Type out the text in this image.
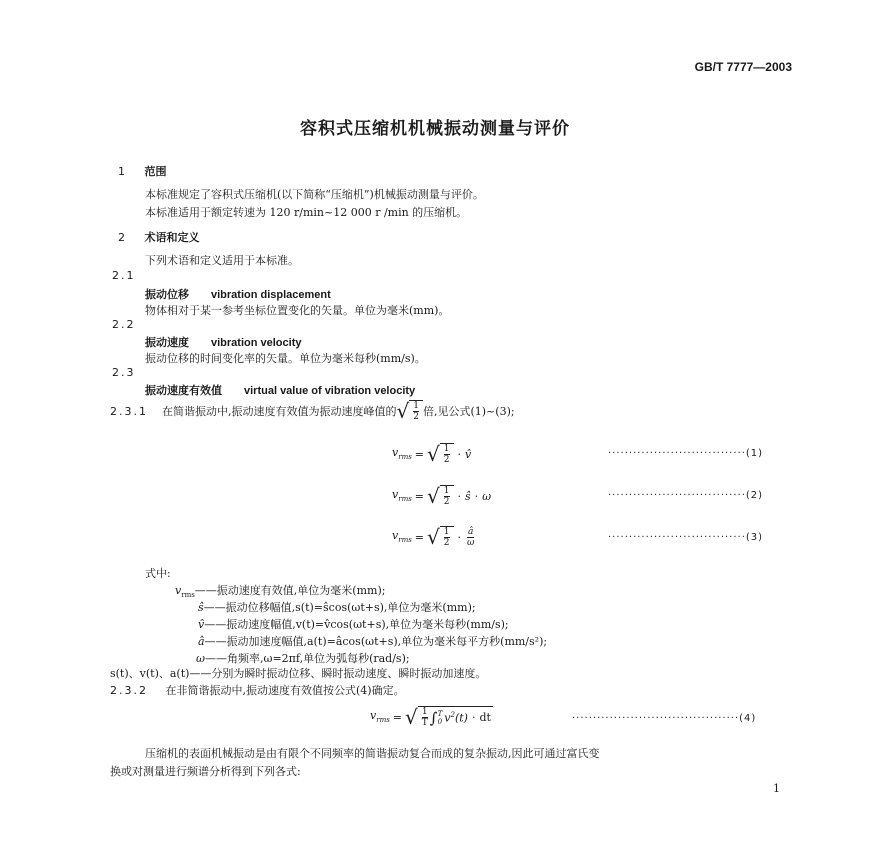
GB/T 7777—2003
容积式压缩机机械振动测量与评价
1 范围
本标准规定了容积式压缩机(以下简称“压缩机”)机械振动测量与评价。
本标准适用于额定转速为 120 r/min~12 000 r /min 的压缩机。
2 术语和定义
下列术语和定义适用于本标准。
2.1
振动位移 vibration displacement
物体相对于某一参考坐标位置变化的矢量。单位为毫米(mm)。
2.2
振动速度 vibration velocity
振动位移的时间变化率的矢量。单位为毫米每秒(mm/s)。
2.3
振动速度有效值 virtual value of vibration velocity
2.3.1 在简谐振动中,振动速度有效值为振动速度峰值的 √ $\frac{1}{2}$ 倍,见公式(1)~(3);
$v_{rms}$ = √ $\frac{1}{2}$ · v̂	·································(1)
$v_{rms}$ = √ $\frac{1}{2}$ · ŝ · ω	·································(2)
$v_{rms}$ = √ $\frac{1}{2} \cdot \frac{â}{\omega}$	·································(3)
式中:
$v_{rms}——$振动速度有效值,单位为毫米(mm);
ŝ——振动位移幅值,s(t)=ŝcos(ωt+s),单位为毫米(mm);
v̂——振动速度幅值,v(t)=v̂cos(ωt+s),单位为毫米每秒(mm/s);
â——振动加速度幅值,a(t)=âcos(ωt+s),单位为毫米每平方秒(mm/s²);
ω——角频率,ω=2πf,单位为弧每秒(rad/s);
s(t)、v(t)、a(t)——分别为瞬时振动位移、瞬时振动速度、瞬时振动加速度。
2.3.2 在非简谐振动中,振动速度有效值按公式(4)确定。
$v_{rms}$ = √ $\frac{1}{T}$ ∫ T
0 $v^2(t)$ · dt	········································(4)
压缩机的表面机械振动是由有限个不同频率的简谐振动复合而成的复杂振动,因此可通过富氏变
换或对测量进行频谱分析得到下列各式:
1
